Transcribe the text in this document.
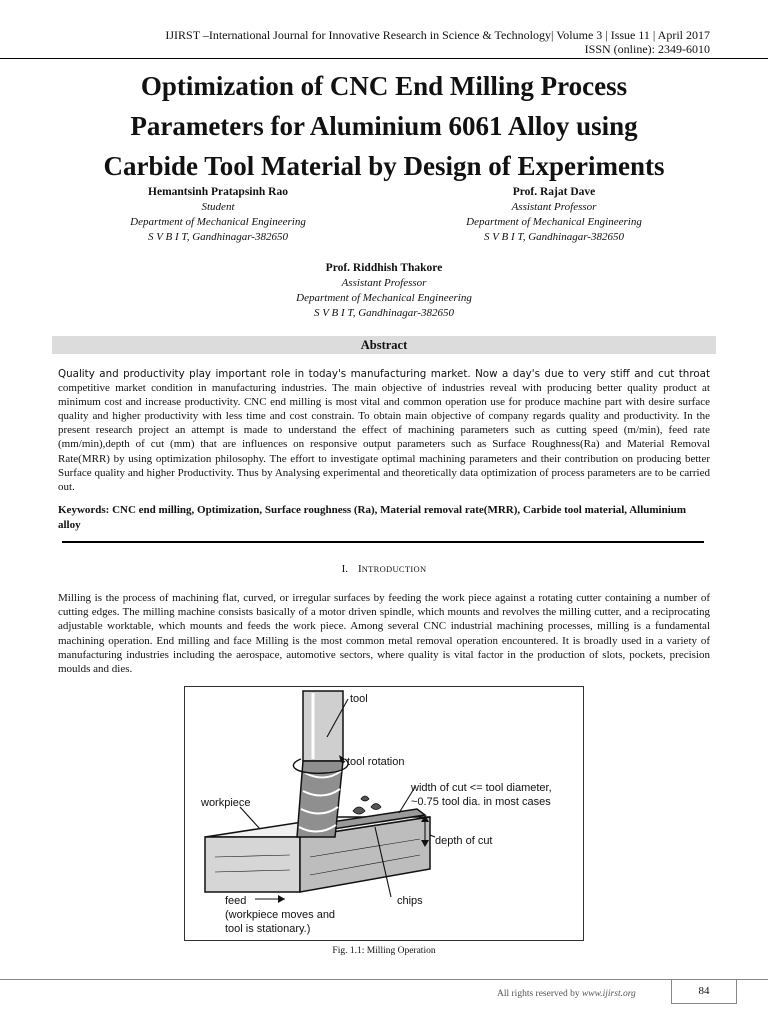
IJIRST –International Journal for Innovative Research in Science & Technology| Volume 3 | Issue 11 | April 2017
ISSN (online): 2349-6010
Optimization of CNC End Milling Process
Parameters for Aluminium 6061 Alloy using
Carbide Tool Material by Design of Experiments
Hemantsinh Pratapsinh Rao
Student
Department of Mechanical Engineering
S V B I T, Gandhinagar-382650
Prof. Rajat Dave
Assistant Professor
Department of Mechanical Engineering
S V B I T, Gandhinagar-382650
Prof. Riddhish Thakore
Assistant Professor
Department of Mechanical Engineering
S V B I T, Gandhinagar-382650
Abstract
Quality and productivity play important role in today's manufacturing market. Now a day's due to very stiff and cut throat competitive market condition in manufacturing industries. The main objective of industries reveal with producing better quality product at minimum cost and increase productivity. CNC end milling is most vital and common operation use for produce machine part with desire surface quality and higher productivity with less time and cost constrain. To obtain main objective of company regards quality and productivity. In the present research project an attempt is made to understand the effect of machining parameters such as cutting speed (m/min), feed rate (mm/min),depth of cut (mm) that are influences on responsive output parameters such as Surface Roughness(Ra) and Material Removal Rate(MRR) by using optimization philosophy. The effort to investigate optimal machining parameters and their contribution on producing better Surface quality and higher Productivity. Thus by Analysing experimental and theoretically data optimization of process parameters are to be carried out.
Keywords: CNC end milling, Optimization, Surface roughness (Ra), Material removal rate(MRR), Carbide tool material, Alluminium alloy
I. INTRODUCTION
Milling is the process of machining flat, curved, or irregular surfaces by feeding the work piece against a rotating cutter containing a number of cutting edges. The milling machine consists basically of a motor driven spindle, which mounts and revolves the milling cutter, and a reciprocating adjustable worktable, which mounts and feeds the work piece. Among several CNC industrial machining processes, milling is a fundamental machining operation. End milling and face Milling is the most common metal removal operation encountered. It is broadly used in a variety of manufacturing industries including the aerospace, automotive sectors, where quality is vital factor in the production of slots, pockets, precision moulds and dies.
tool
tool rotation
width of cut <= tool diameter,
~0.75 tool dia. in most cases
workpiece
depth of cut
chips
feed
(workpiece moves and
tool is stationary.)
Fig. 1.1: Milling Operation
All rights reserved by www.ijirst.org	84
